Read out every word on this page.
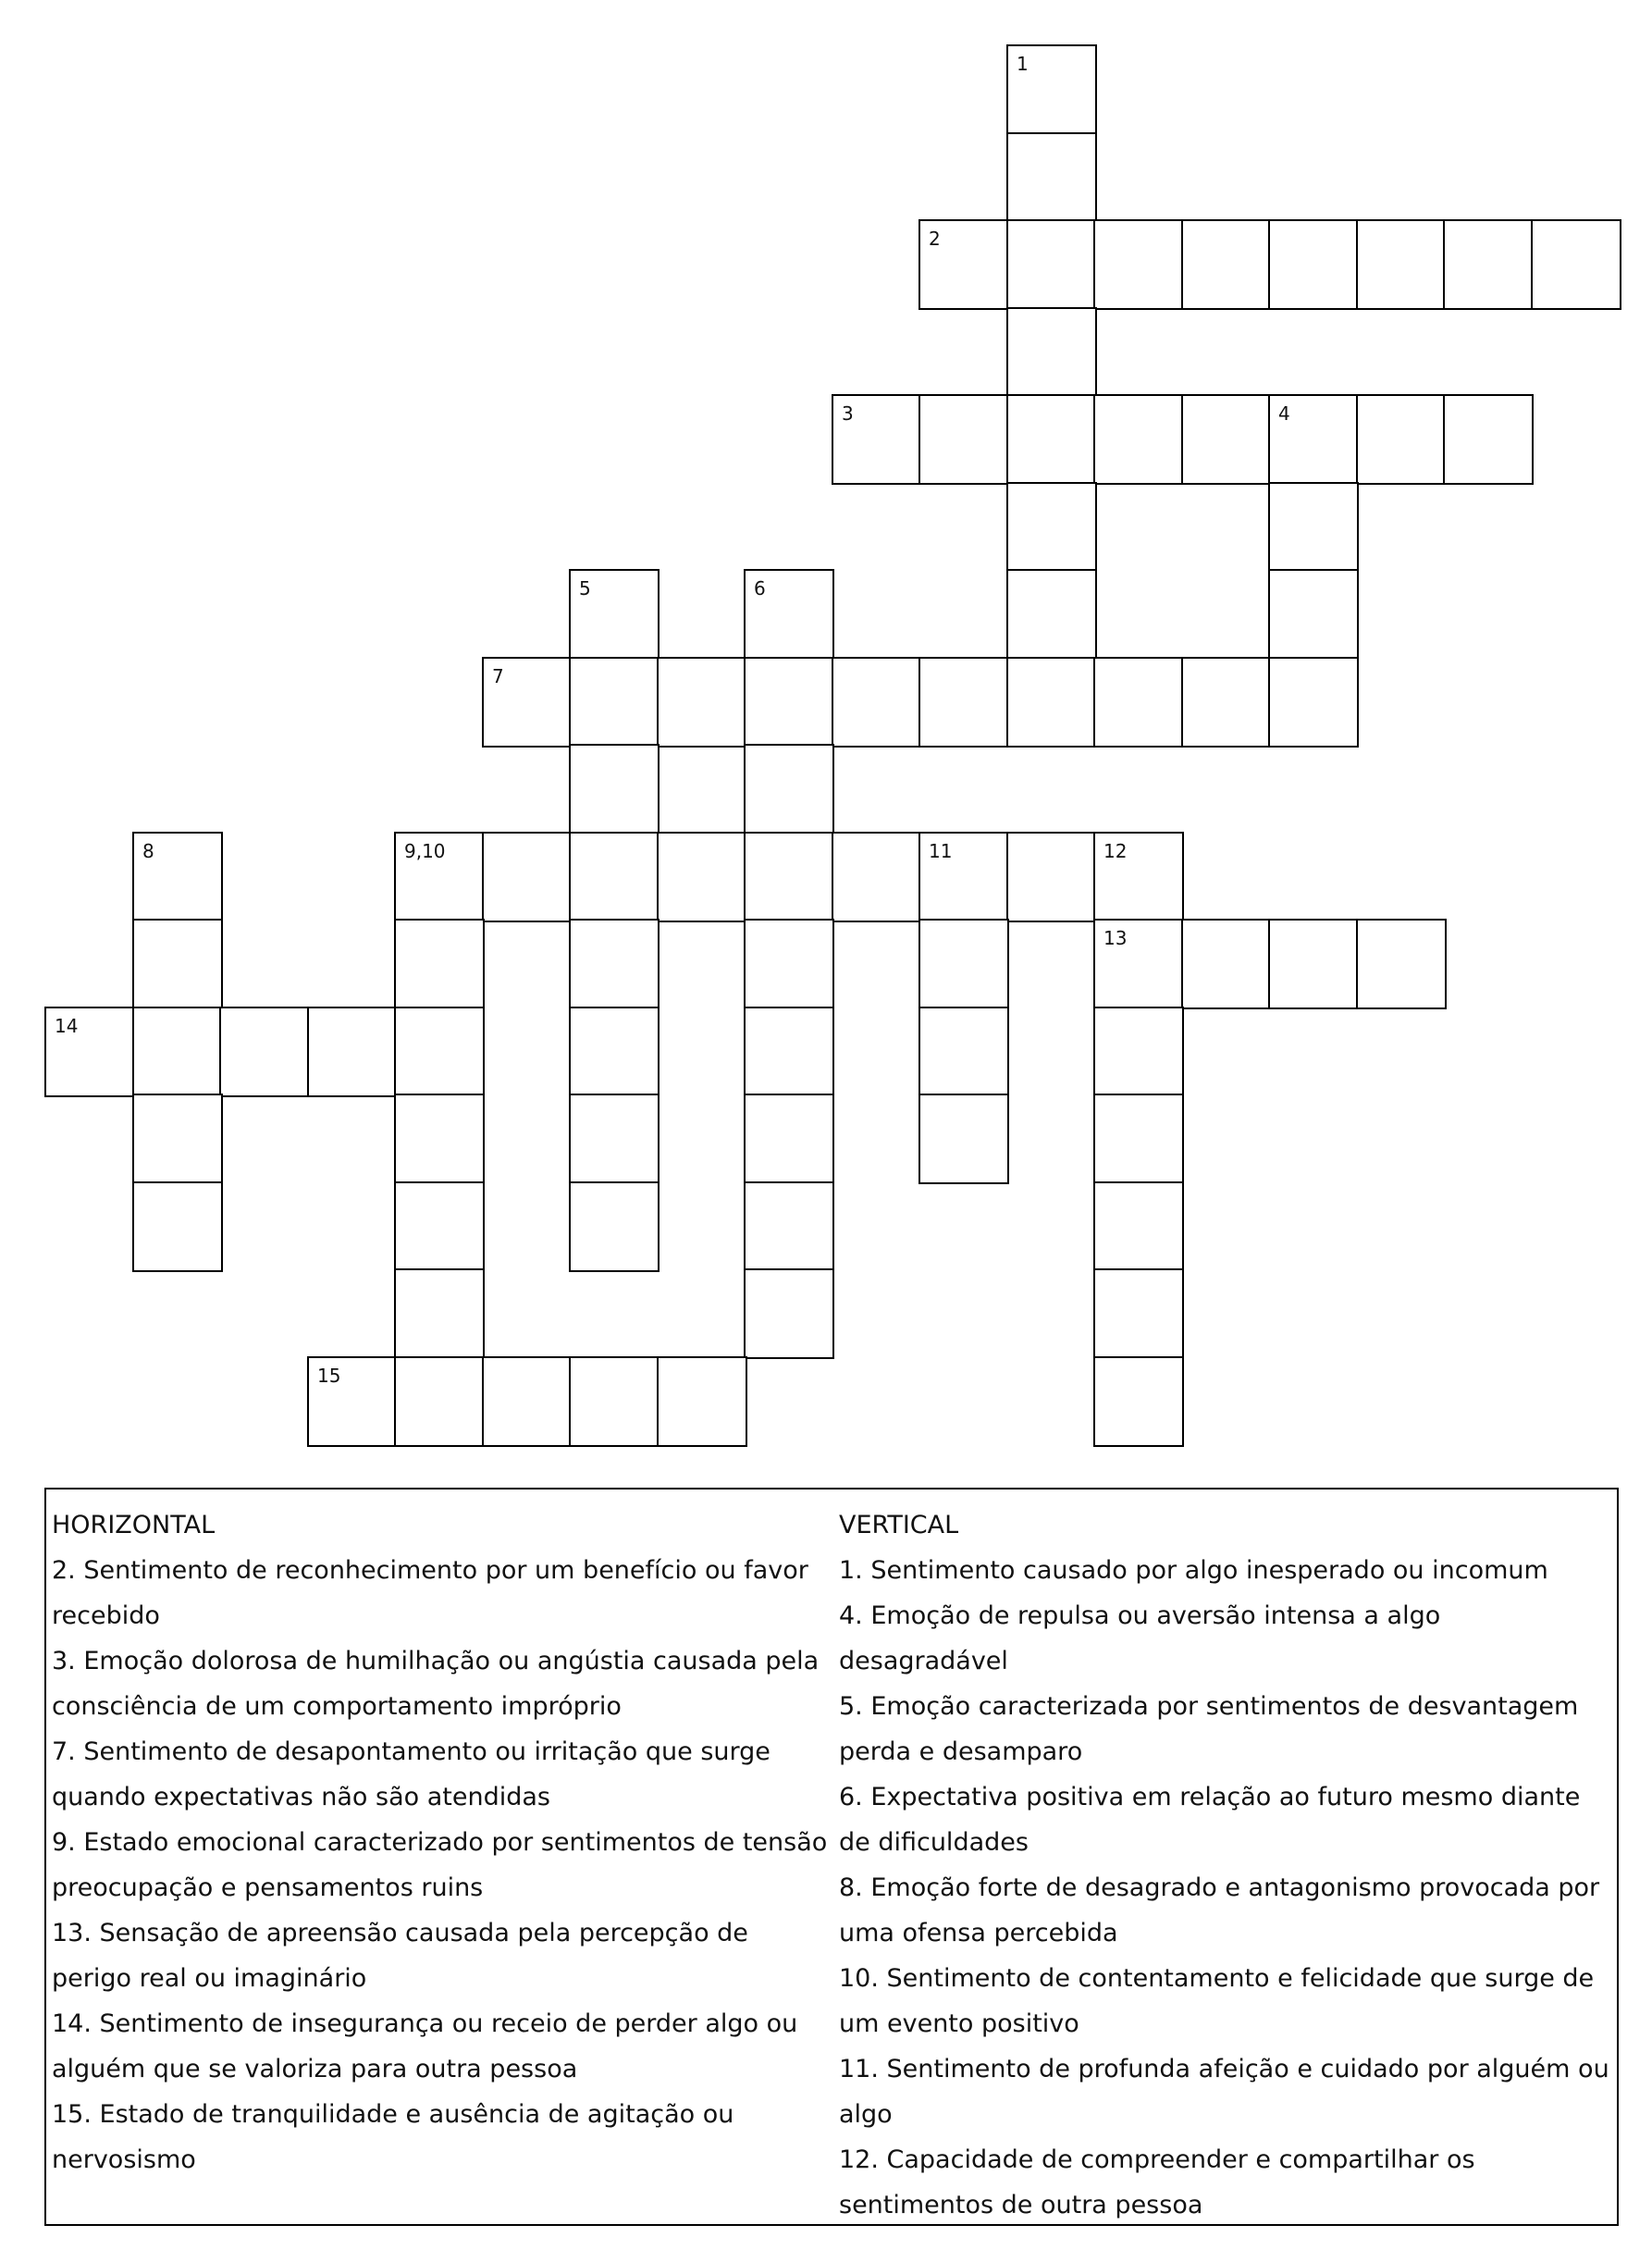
1
2
3	4
5	6
7
8	9,10	11	12
13
14
15

HORIZONTAL

2. Sentimento de reconhecimento por um benefício ou favor recebido

3. Emoção dolorosa de humilhação ou angústia causada pela consciência de um comportamento impróprio

7. Sentimento de desapontamento ou irritação que surge quando expectativas não são atendidas

9. Estado emocional caracterizado por sentimentos de tensão preocupação e pensamentos ruins

13. Sensação de apreensão causada pela percepção de perigo real ou imaginário

14. Sentimento de insegurança ou receio de perder algo ou alguém que se valoriza para outra pessoa

15. Estado de tranquilidade e ausência de agitação ou nervosismo

VERTICAL

1. Sentimento causado por algo inesperado ou incomum

4. Emoção de repulsa ou aversão intensa a algo desagradável

5. Emoção caracterizada por sentimentos de desvantagem perda e desamparo

6. Expectativa positiva em relação ao futuro mesmo diante de dificuldades

8. Emoção forte de desagrado e antagonismo provocada por uma ofensa percebida

10. Sentimento de contentamento e felicidade que surge de um evento positivo

11. Sentimento de profunda afeição e cuidado por alguém ou algo

12. Capacidade de compreender e compartilhar os sentimentos de outra pessoa
